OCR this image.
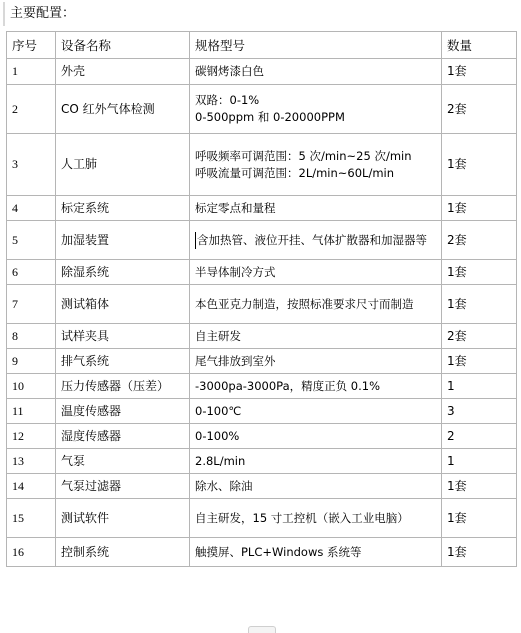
主要配置：
序号	设备名称	规格型号	数量
1	外壳	碳钢烤漆白色	1套
2	CO 红外气体检测	双路：0-1%
0-500ppm 和 0-20000PPM	2套
3	人工肺	呼吸频率可调范围：5 次/min~25 次/min
呼吸流量可调范围：2L/min~60L/min	1套
4	标定系统	标定零点和量程	1套
5	加湿装置	含加热管、液位开挂、气体扩散器和加湿器等	2套
6	除湿系统	半导体制冷方式	1套
7	测试箱体	本色亚克力制造，按照标准要求尺寸而制造	1套
8	试样夹具	自主研发	2套
9	排气系统	尾气排放到室外	1套
10	压力传感器（压差）	-3000pa-3000Pa，精度正负 0.1%	1
11	温度传感器	0-100℃	3
12	湿度传感器	0-100%	2
13	气泵	2.8L/min	1
14	气泵过滤器	除水、除油	1套
15	测试软件	自主研发，15 寸工控机（嵌入工业电脑）	1套
16	控制系统	触摸屏、PLC+Windows 系统等	1套
